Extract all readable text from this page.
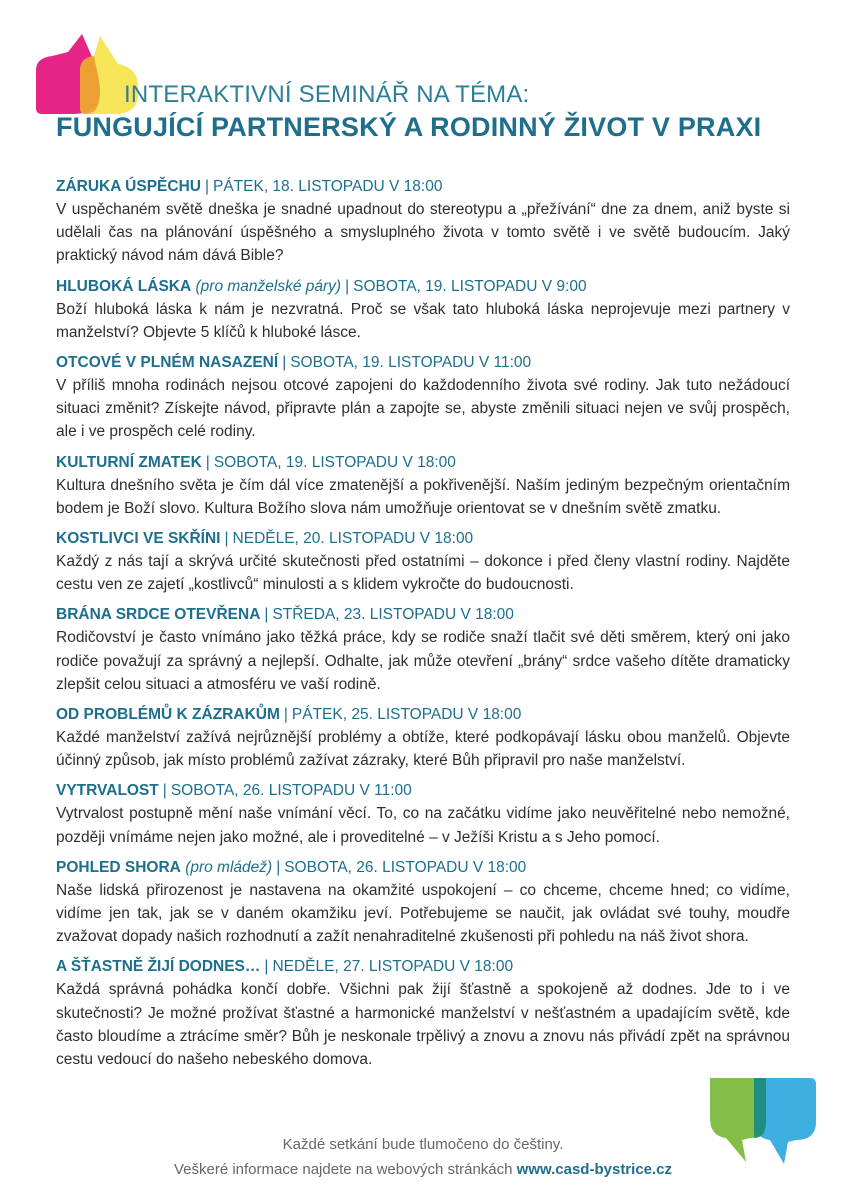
INTERAKTIVNÍ SEMINÁŘ NA TÉMA:
FUNGUJÍCÍ PARTNERSKÝ A RODINNÝ ŽIVOT V PRAXI
ZÁRUKA ÚSPĚCHU | PÁTEK, 18. LISTOPADU V 18:00
V uspěchaném světě dneška je snadné upadnout do stereotypu a „přežívání“ dne za dnem, aniž byste si udělali čas na plánování úspěšného a smysluplného života v tomto světě i ve světě budoucím. Jaký praktický návod nám dává Bible?
HLUBOKÁ LÁSKA (pro manželské páry) | SOBOTA, 19. LISTOPADU V 9:00
Boží hluboká láska k nám je nezvratná. Proč se však tato hluboká láska neprojevuje mezi partnery v manželství? Objevte 5 klíčů k hluboké lásce.
OTCOVÉ V PLNÉM NASAZENÍ | SOBOTA, 19. LISTOPADU V 11:00
V příliš mnoha rodinách nejsou otcové zapojeni do každodenního života své rodiny. Jak tuto nežádoucí situaci změnit? Získejte návod, připravte plán a zapojte se, abyste změnili situaci nejen ve svůj prospěch, ale i ve prospěch celé rodiny.
KULTURNÍ ZMATEK | SOBOTA, 19. LISTOPADU V 18:00
Kultura dnešního světa je čím dál více zmatenější a pokřivenější. Naším jediným bezpečným orientačním bodem je Boží slovo. Kultura Božího slova nám umožňuje orientovat se v dnešním světě zmatku.
KOSTLIVCI VE SKŘÍNI | NEDĚLE, 20. LISTOPADU V 18:00
Každý z nás tají a skrývá určité skutečnosti před ostatními – dokonce i před členy vlastní rodiny. Najděte cestu ven ze zajetí „kostlivců“ minulosti a s klidem vykročte do budoucnosti.
BRÁNA SRDCE OTEVŘENA | STŘEDA, 23. LISTOPADU V 18:00
Rodičovství je často vnímáno jako těžká práce, kdy se rodiče snaží tlačit své děti směrem, který oni jako rodiče považují za správný a nejlepší. Odhalte, jak může otevření „brány“ srdce vašeho dítěte dramaticky zlepšit celou situaci a atmosféru ve vaší rodině.
OD PROBLÉMŮ K ZÁZRAKŮM | PÁTEK, 25. LISTOPADU V 18:00
Každé manželství zažívá nejrůznější problémy a obtíže, které podkopávají lásku obou manželů. Objevte účinný způsob, jak místo problémů zažívat zázraky, které Bůh připravil pro naše manželství.
VYTRVALOST | SOBOTA, 26. LISTOPADU V 11:00
Vytrvalost postupně mění naše vnímání věcí. To, co na začátku vidíme jako neuvěřitelné nebo nemožné, později vnímáme nejen jako možné, ale i proveditelné – v Ježíši Kristu a s Jeho pomocí.
POHLED SHORA (pro mládež) | SOBOTA, 26. LISTOPADU V 18:00
Naše lidská přirozenost je nastavena na okamžité uspokojení – co chceme, chceme hned; co vidíme, vidíme jen tak, jak se v daném okamžiku jeví. Potřebujeme se naučit, jak ovládat své touhy, moudře zvažovat dopady našich rozhodnutí a zažít nenahraditelné zkušenosti při pohledu na náš život shora.
A ŠŤASTNĚ ŽIJÍ DODNES… | NEDĚLE, 27. LISTOPADU V 18:00
Každá správná pohádka končí dobře. Všichni pak žijí šťastně a spokojeně až dodnes. Jde to i ve skutečnosti? Je možné prožívat šťastné a harmonické manželství v nešťastném a upadajícím světě, kde často bloudíme a ztrácíme směr? Bůh je neskonale trpělivý a znovu a znovu nás přivádí zpět na správnou cestu vedoucí do našeho nebeského domova.
Každé setkání bude tlumočeno do češtiny.
Veškeré informace najdete na webových stránkách www.casd-bystrice.cz
